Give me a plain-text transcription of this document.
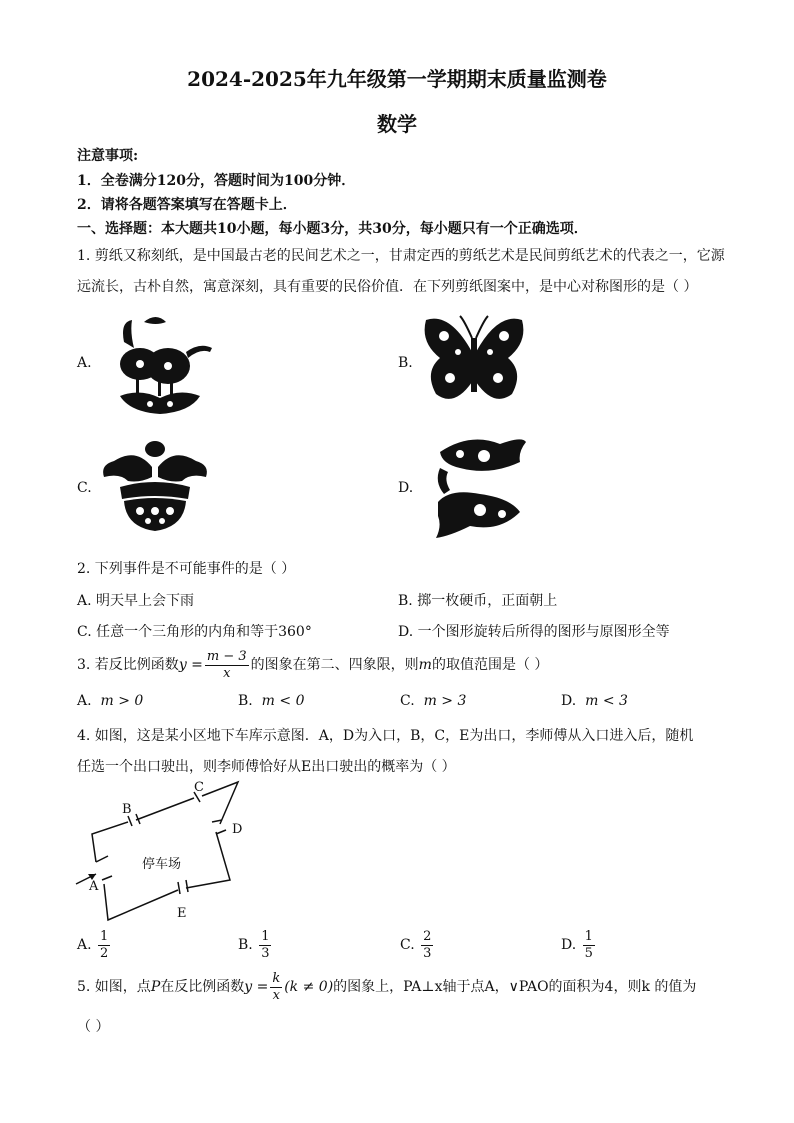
2024-2025年九年级第一学期期末质量监测卷
数学
注意事项:
1．全卷满分120分，答题时间为100分钟．
2．请将各题答案填写在答题卡上．
一、选择题：本大题共10小题，每小题3分，共30分，每小题只有一个正确选项．
1. 剪纸又称刻纸，是中国最古老的民间艺术之一，甘肃定西的剪纸艺术是民间剪纸艺术的代表之一，它源
远流长，古朴自然，寓意深刻，具有重要的民俗价值．在下列剪纸图案中，是中心对称图形的是（ ）
A.	B.
C.	D.
2. 下列事件是不可能事件的是（ ）
A. 明天早上会下雨	B. 掷一枚硬币，正面朝上
C. 任意一个三角形的内角和等于360°	D. 一个图形旋转后所得的图形与原图形全等
3. 若反比例函数$y = \frac{m - 3}{x}$ 的图象在第二、四象限，则m的取值范围是（ ）
A. m > 0	B. m < 0	C. m > 3	D. m < 3
4. 如图，这是某小区地下车库示意图．A，D为入口，B，C，E为出口，李师傅从入口进入后，随机
任选一个出口驶出，则李师傅恰好从E出口驶出的概率为（ ）
B
C
D
A
E
停车场
A. $\frac{1}{2}$	B. $\frac{1}{3}$	C. $\frac{2}{3}$	D. $\frac{1}{5}$
5. 如图，点P在反比例函数$y = \frac{k}{x} (k \ne 0)$的图象上，PA⊥x轴于点A，∨PAO的面积为4，则k 的值为
（ ）
